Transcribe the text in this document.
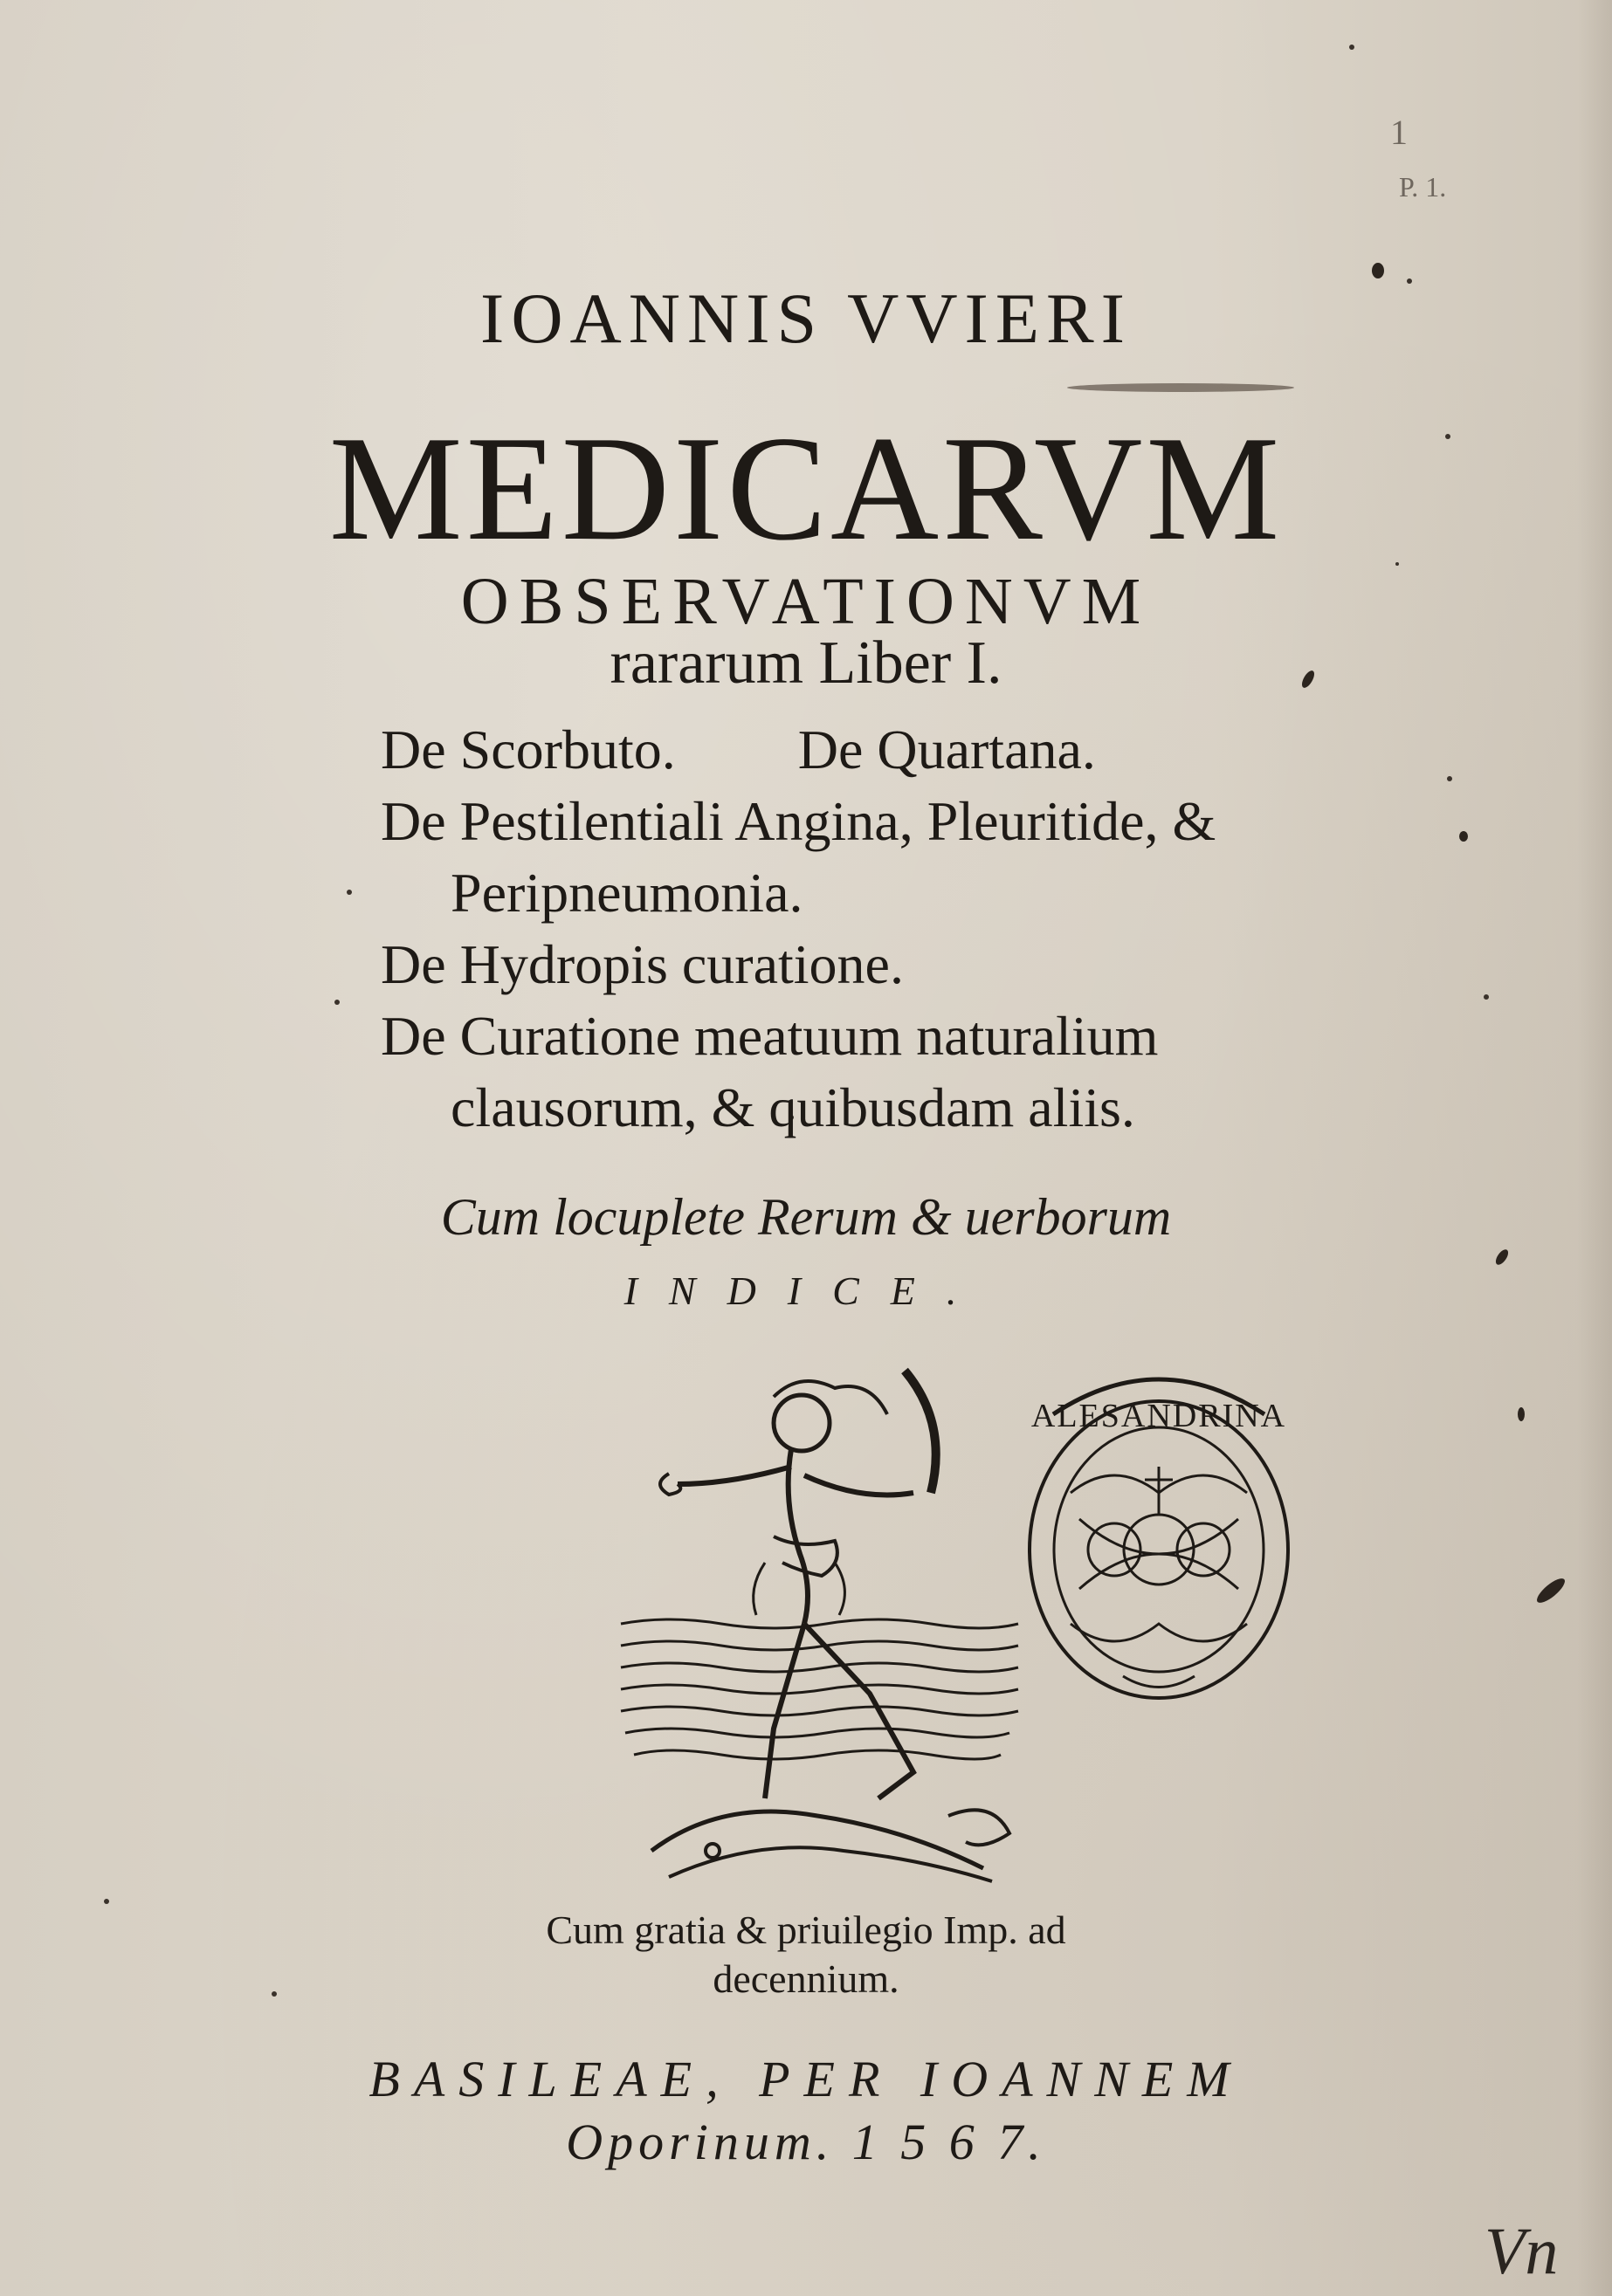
1
P. 1.
Vn
IOANNIS VVIERI
MEDICARVM
OBSERVATIONVM
rararum Liber I.
De Scorbuto. De Quartana.
De Pestilentiali Angina, Pleuritide, &
Peripneumonia.
De Hydropis curatione.
De Curatione meatuum naturalium
clausorum, & quibusdam aliis.
Cum locuplete Rerum & uerborum
INDICE.
ALESANDRINA
Cum gratia & priuilegio Imp. ad
decennium.
BASILEAE, PER IOANNEM
Oporinum. 1 5 6 7.
